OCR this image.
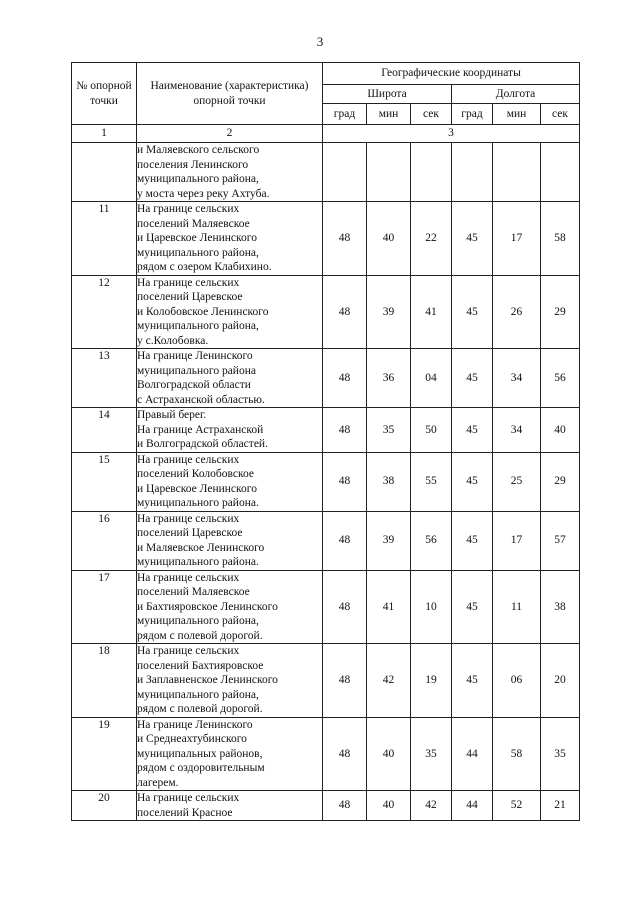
3
№ опорной точки	Наименование (характеристика) опорной точки	Географические координаты					
		Широта			Долгота		
		град	мин	сек	град	мин	сек
1	2	3					

	и Маляевского сельского
поселения Ленинского
муниципального района,
у моста через реку Ахтуба.						

11	На границе сельских
поселений Маляевское
и Царевское Ленинского
муниципального района,
рядом с озером Клабихино.	48	40	22	45	17	58
12	На границе сельских
поселений Царевское
и Колобовское Ленинского
муниципального района,
у с.Колобовка.	48	39	41	45	26	29
13	На границе Ленинского
муниципального района
Волгоградской области
с Астраханской областью.	48	36	04	45	34	56
14	Правый берег.
На границе Астраханской
и Волгоградской областей.	48	35	50	45	34	40
15	На границе сельских
поселений Колобовское
и Царевское Ленинского
муниципального района.	48	38	55	45	25	29
16	На границе сельских
поселений Царевское
и Маляевское Ленинского
муниципального района.	48	39	56	45	17	57
17	На границе сельских
поселений Маляевское
и Бахтияровское Ленинского
муниципального района,
рядом с полевой дорогой.	48	41	10	45	11	38
18	На границе сельских
поселений Бахтияровское
и Заплавненское Ленинского
муниципального района,
рядом с полевой дорогой.	48	42	19	45	06	20
19	На границе Ленинского
и Среднеахтубинского
муниципальных районов,
рядом с оздоровительным
лагерем.	48	40	35	44	58	35
20	На границе сельских
поселений Красное	48	40	42	44	52	21
